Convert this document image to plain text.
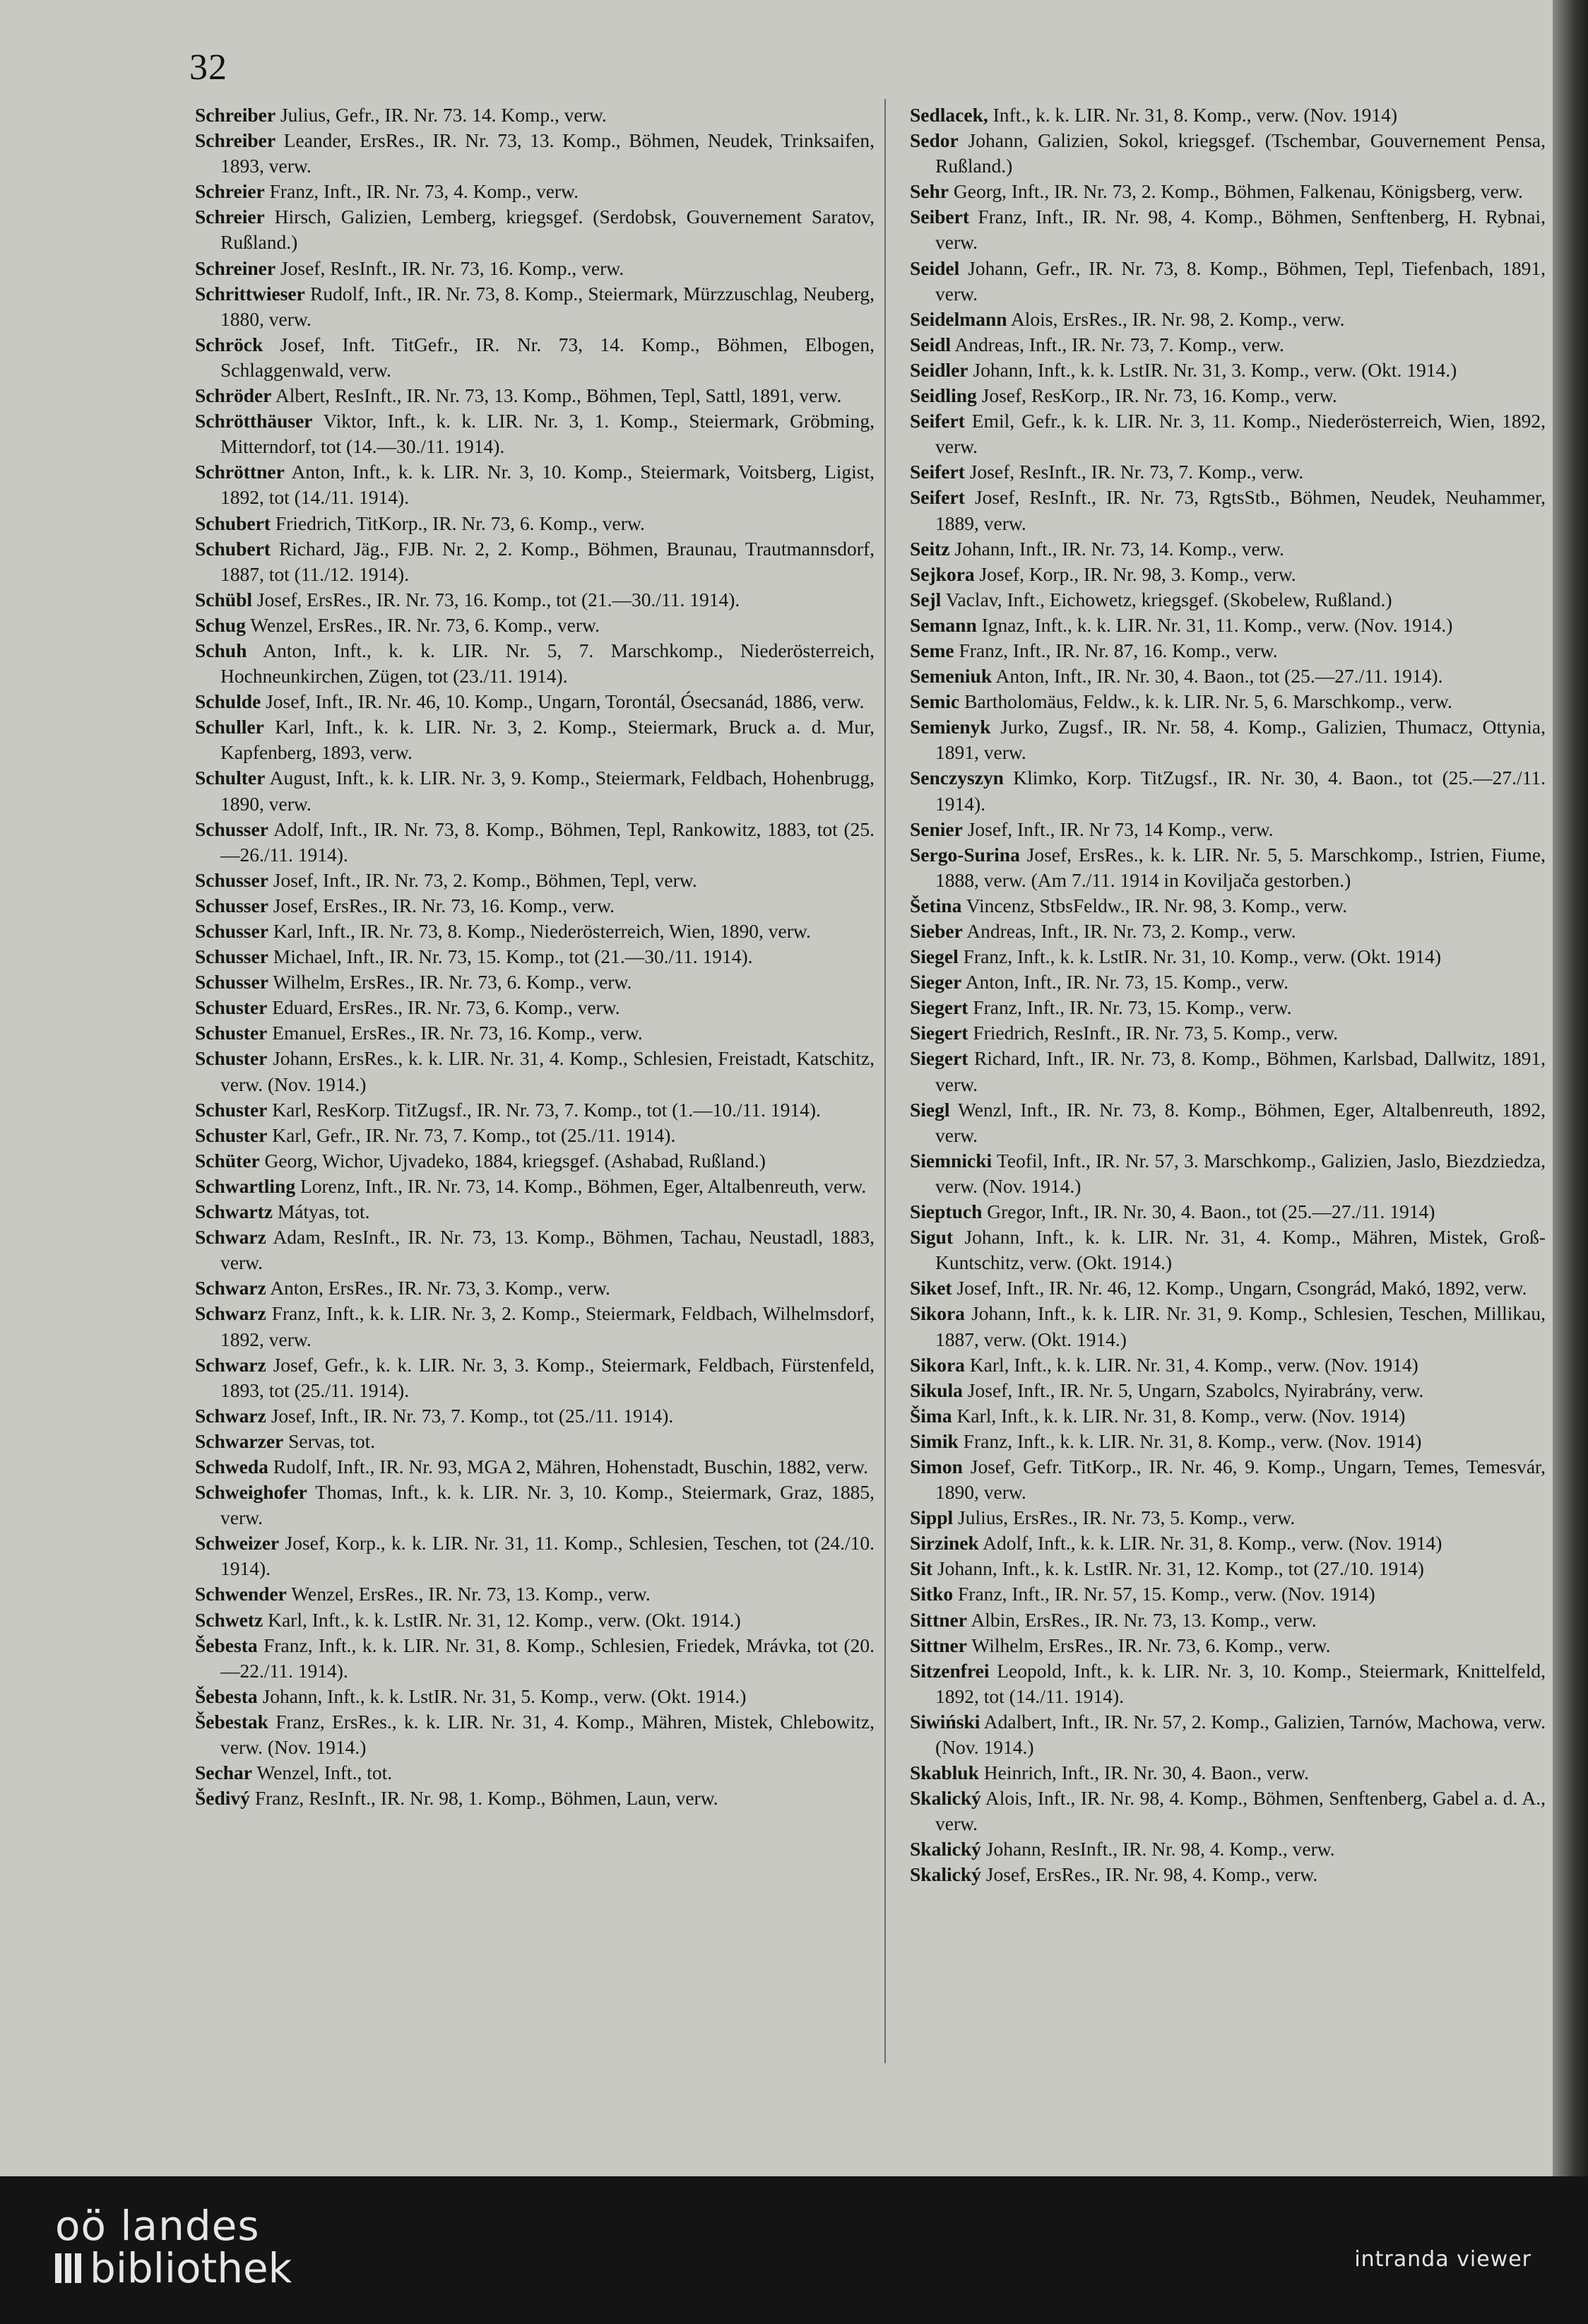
32
Schreiber Julius, Gefr., IR. Nr. 73. 14. Komp., verw.
Schreiber Leander, ErsRes., IR. Nr. 73, 13. Komp., Böhmen, Neudek, Trinksaifen, 1893, verw.
Schreier Franz, Inft., IR. Nr. 73, 4. Komp., verw.
Schreier Hirsch, Galizien, Lemberg, kriegsgef. (Serdobsk, Gouvernement Saratov, Rußland.)
Schreiner Josef, ResInft., IR. Nr. 73, 16. Komp., verw.
Schrittwieser Rudolf, Inft., IR. Nr. 73, 8. Komp., Steiermark, Mürzzuschlag, Neuberg, 1880, verw.
Schröck Josef, Inft. TitGefr., IR. Nr. 73, 14. Komp., Böhmen, Elbogen, Schlaggenwald, verw.
Schröder Albert, ResInft., IR. Nr. 73, 13. Komp., Böhmen, Tepl, Sattl, 1891, verw.
Schrötthäuser Viktor, Inft., k. k. LIR. Nr. 3, 1. Komp., Steiermark, Gröbming, Mitterndorf, tot (14.—30./11. 1914).
Schröttner Anton, Inft., k. k. LIR. Nr. 3, 10. Komp., Steiermark, Voitsberg, Ligist, 1892, tot (14./11. 1914).
Schubert Friedrich, TitKorp., IR. Nr. 73, 6. Komp., verw.
Schubert Richard, Jäg., FJB. Nr. 2, 2. Komp., Böhmen, Braunau, Trautmannsdorf, 1887, tot (11./12. 1914).
Schübl Josef, ErsRes., IR. Nr. 73, 16. Komp., tot (21.—30./11. 1914).
Schug Wenzel, ErsRes., IR. Nr. 73, 6. Komp., verw.
Schuh Anton, Inft., k. k. LIR. Nr. 5, 7. Marschkomp., Niederösterreich, Hochneunkirchen, Zügen, tot (23./11. 1914).
Schulde Josef, Inft., IR. Nr. 46, 10. Komp., Ungarn, Torontál, Ósecsanád, 1886, verw.
Schuller Karl, Inft., k. k. LIR. Nr. 3, 2. Komp., Steiermark, Bruck a. d. Mur, Kapfenberg, 1893, verw.
Schulter August, Inft., k. k. LIR. Nr. 3, 9. Komp., Steiermark, Feldbach, Hohenbrugg, 1890, verw.
Schusser Adolf, Inft., IR. Nr. 73, 8. Komp., Böhmen, Tepl, Rankowitz, 1883, tot (25.—26./11. 1914).
Schusser Josef, Inft., IR. Nr. 73, 2. Komp., Böhmen, Tepl, verw.
Schusser Josef, ErsRes., IR. Nr. 73, 16. Komp., verw.
Schusser Karl, Inft., IR. Nr. 73, 8. Komp., Niederösterreich, Wien, 1890, verw.
Schusser Michael, Inft., IR. Nr. 73, 15. Komp., tot (21.—30./11. 1914).
Schusser Wilhelm, ErsRes., IR. Nr. 73, 6. Komp., verw.
Schuster Eduard, ErsRes., IR. Nr. 73, 6. Komp., verw.
Schuster Emanuel, ErsRes., IR. Nr. 73, 16. Komp., verw.
Schuster Johann, ErsRes., k. k. LIR. Nr. 31, 4. Komp., Schlesien, Freistadt, Katschitz, verw. (Nov. 1914.)
Schuster Karl, ResKorp. TitZugsf., IR. Nr. 73, 7. Komp., tot (1.—10./11. 1914).
Schuster Karl, Gefr., IR. Nr. 73, 7. Komp., tot (25./11. 1914).
Schüter Georg, Wichor, Ujvadeko, 1884, kriegsgef. (Ashabad, Rußland.)
Schwartling Lorenz, Inft., IR. Nr. 73, 14. Komp., Böhmen, Eger, Altalbenreuth, verw.
Schwartz Mátyas, tot.
Schwarz Adam, ResInft., IR. Nr. 73, 13. Komp., Böhmen, Tachau, Neustadl, 1883, verw.
Schwarz Anton, ErsRes., IR. Nr. 73, 3. Komp., verw.
Schwarz Franz, Inft., k. k. LIR. Nr. 3, 2. Komp., Steiermark, Feldbach, Wilhelmsdorf, 1892, verw.
Schwarz Josef, Gefr., k. k. LIR. Nr. 3, 3. Komp., Steiermark, Feldbach, Fürstenfeld, 1893, tot (25./11. 1914).
Schwarz Josef, Inft., IR. Nr. 73, 7. Komp., tot (25./11. 1914).
Schwarzer Servas, tot.
Schweda Rudolf, Inft., IR. Nr. 93, MGA 2, Mähren, Hohenstadt, Buschin, 1882, verw.
Schweighofer Thomas, Inft., k. k. LIR. Nr. 3, 10. Komp., Steiermark, Graz, 1885, verw.
Schweizer Josef, Korp., k. k. LIR. Nr. 31, 11. Komp., Schlesien, Teschen, tot (24./10. 1914).
Schwender Wenzel, ErsRes., IR. Nr. 73, 13. Komp., verw.
Schwetz Karl, Inft., k. k. LstIR. Nr. 31, 12. Komp., verw. (Okt. 1914.)
Šebesta Franz, Inft., k. k. LIR. Nr. 31, 8. Komp., Schlesien, Friedek, Mrávka, tot (20.—22./11. 1914).
Šebesta Johann, Inft., k. k. LstIR. Nr. 31, 5. Komp., verw. (Okt. 1914.)
Šebestak Franz, ErsRes., k. k. LIR. Nr. 31, 4. Komp., Mähren, Mistek, Chlebowitz, verw. (Nov. 1914.)
Sechar Wenzel, Inft., tot.
Šedivý Franz, ResInft., IR. Nr. 98, 1. Komp., Böhmen, Laun, verw.
Sedlacek, Inft., k. k. LIR. Nr. 31, 8. Komp., verw. (Nov. 1914)
Sedor Johann, Galizien, Sokol, kriegsgef. (Tschembar, Gouvernement Pensa, Rußland.)
Sehr Georg, Inft., IR. Nr. 73, 2. Komp., Böhmen, Falkenau, Königsberg, verw.
Seibert Franz, Inft., IR. Nr. 98, 4. Komp., Böhmen, Senftenberg, H. Rybnai, verw.
Seidel Johann, Gefr., IR. Nr. 73, 8. Komp., Böhmen, Tepl, Tiefenbach, 1891, verw.
Seidelmann Alois, ErsRes., IR. Nr. 98, 2. Komp., verw.
Seidl Andreas, Inft., IR. Nr. 73, 7. Komp., verw.
Seidler Johann, Inft., k. k. LstIR. Nr. 31, 3. Komp., verw. (Okt. 1914.)
Seidling Josef, ResKorp., IR. Nr. 73, 16. Komp., verw.
Seifert Emil, Gefr., k. k. LIR. Nr. 3, 11. Komp., Niederösterreich, Wien, 1892, verw.
Seifert Josef, ResInft., IR. Nr. 73, 7. Komp., verw.
Seifert Josef, ResInft., IR. Nr. 73, RgtsStb., Böhmen, Neudek, Neuhammer, 1889, verw.
Seitz Johann, Inft., IR. Nr. 73, 14. Komp., verw.
Sejkora Josef, Korp., IR. Nr. 98, 3. Komp., verw.
Sejl Vaclav, Inft., Eichowetz, kriegsgef. (Skobelew, Rußland.)
Semann Ignaz, Inft., k. k. LIR. Nr. 31, 11. Komp., verw. (Nov. 1914.)
Seme Franz, Inft., IR. Nr. 87, 16. Komp., verw.
Semeniuk Anton, Inft., IR. Nr. 30, 4. Baon., tot (25.—27./11. 1914).
Semic Bartholomäus, Feldw., k. k. LIR. Nr. 5, 6. Marschkomp., verw.
Semienyk Jurko, Zugsf., IR. Nr. 58, 4. Komp., Galizien, Thumacz, Ottynia, 1891, verw.
Senczyszyn Klimko, Korp. TitZugsf., IR. Nr. 30, 4. Baon., tot (25.—27./11. 1914).
Senier Josef, Inft., IR. Nr 73, 14 Komp., verw.
Sergo-Surina Josef, ErsRes., k. k. LIR. Nr. 5, 5. Marschkomp., Istrien, Fiume, 1888, verw. (Am 7./11. 1914 in Koviljača gestorben.)
Šetina Vincenz, StbsFeldw., IR. Nr. 98, 3. Komp., verw.
Sieber Andreas, Inft., IR. Nr. 73, 2. Komp., verw.
Siegel Franz, Inft., k. k. LstIR. Nr. 31, 10. Komp., verw. (Okt. 1914)
Sieger Anton, Inft., IR. Nr. 73, 15. Komp., verw.
Siegert Franz, Inft., IR. Nr. 73, 15. Komp., verw.
Siegert Friedrich, ResInft., IR. Nr. 73, 5. Komp., verw.
Siegert Richard, Inft., IR. Nr. 73, 8. Komp., Böhmen, Karlsbad, Dallwitz, 1891, verw.
Siegl Wenzl, Inft., IR. Nr. 73, 8. Komp., Böhmen, Eger, Altalbenreuth, 1892, verw.
Siemnicki Teofil, Inft., IR. Nr. 57, 3. Marschkomp., Galizien, Jaslo, Biezdziedza, verw. (Nov. 1914.)
Sieptuch Gregor, Inft., IR. Nr. 30, 4. Baon., tot (25.—27./11. 1914)
Sigut Johann, Inft., k. k. LIR. Nr. 31, 4. Komp., Mähren, Mistek, Groß-Kuntschitz, verw. (Okt. 1914.)
Siket Josef, Inft., IR. Nr. 46, 12. Komp., Ungarn, Csongrád, Makó, 1892, verw.
Sikora Johann, Inft., k. k. LIR. Nr. 31, 9. Komp., Schlesien, Teschen, Millikau, 1887, verw. (Okt. 1914.)
Sikora Karl, Inft., k. k. LIR. Nr. 31, 4. Komp., verw. (Nov. 1914)
Sikula Josef, Inft., IR. Nr. 5, Ungarn, Szabolcs, Nyirabrány, verw.
Šima Karl, Inft., k. k. LIR. Nr. 31, 8. Komp., verw. (Nov. 1914)
Simik Franz, Inft., k. k. LIR. Nr. 31, 8. Komp., verw. (Nov. 1914)
Simon Josef, Gefr. TitKorp., IR. Nr. 46, 9. Komp., Ungarn, Temes, Temesvár, 1890, verw.
Sippl Julius, ErsRes., IR. Nr. 73, 5. Komp., verw.
Sirzinek Adolf, Inft., k. k. LIR. Nr. 31, 8. Komp., verw. (Nov. 1914)
Sit Johann, Inft., k. k. LstIR. Nr. 31, 12. Komp., tot (27./10. 1914)
Sitko Franz, Inft., IR. Nr. 57, 15. Komp., verw. (Nov. 1914)
Sittner Albin, ErsRes., IR. Nr. 73, 13. Komp., verw.
Sittner Wilhelm, ErsRes., IR. Nr. 73, 6. Komp., verw.
Sitzenfrei Leopold, Inft., k. k. LIR. Nr. 3, 10. Komp., Steiermark, Knittelfeld, 1892, tot (14./11. 1914).
Siwiński Adalbert, Inft., IR. Nr. 57, 2. Komp., Galizien, Tarnów, Machowa, verw. (Nov. 1914.)
Skabluk Heinrich, Inft., IR. Nr. 30, 4. Baon., verw.
Skalický Alois, Inft., IR. Nr. 98, 4. Komp., Böhmen, Senftenberg, Gabel a. d. A., verw.
Skalický Johann, ResInft., IR. Nr. 98, 4. Komp., verw.
Skalický Josef, ErsRes., IR. Nr. 98, 4. Komp., verw.
oö landes
bibliothek	intranda viewer
